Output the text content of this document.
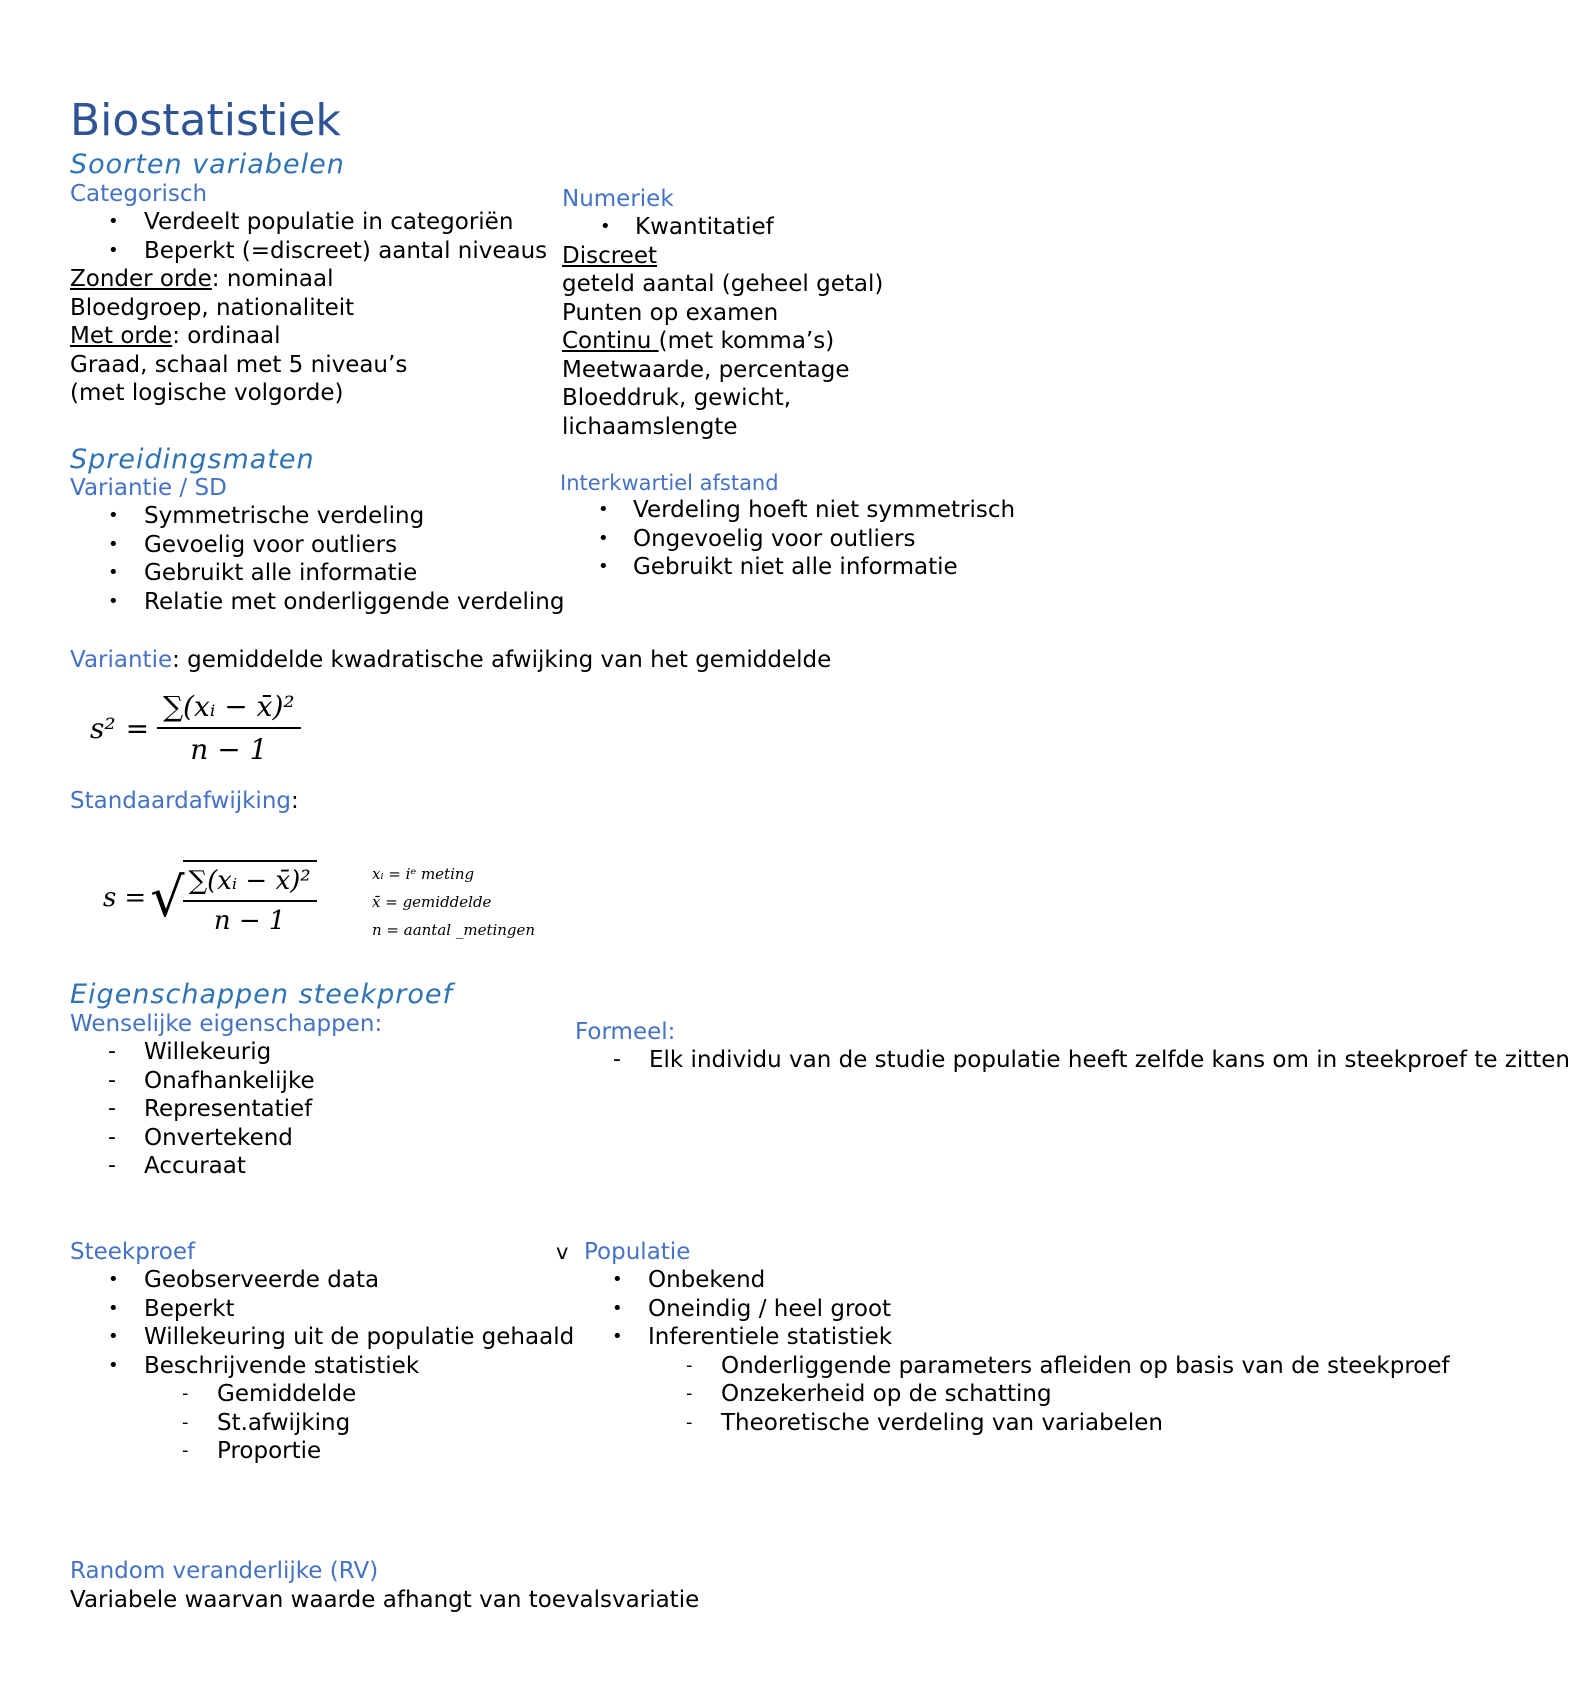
Biostatistiek
Soorten variabelen
Categorisch
• Verdeelt populatie in categoriën
• Beperkt (=discreet) aantal niveaus
Zonder orde: nominaal
Bloedgroep, nationaliteit
Met orde: ordinaal
Graad, schaal met 5 niveau’s
(met logische volgorde)
Numeriek
• Kwantitatief
Discreet
geteld aantal (geheel getal)
Punten op examen
Continu (met komma’s)
Meetwaarde, percentage
Bloeddruk, gewicht,
lichaamslengte
Spreidingsmaten
Variantie / SD
• Symmetrische verdeling
• Gevoelig voor outliers
• Gebruikt alle informatie
• Relatie met onderliggende verdeling
Interkwartiel afstand
• Verdeling hoeft niet symmetrisch
• Ongevoelig voor outliers
• Gebruikt niet alle informatie
Variantie: gemiddelde kwadratische afwijking van het gemiddelde
$s^2 = \frac{\text{∑(xᵢ − x̄)²}}{n - 1}$
Standaardafwijking:
s = √
$\frac{\text{∑(xᵢ − x̄)²}}{n - 1}$	xᵢ = iᵉ meting
x̄ = gemiddelde
n = aantal _metingen
Eigenschappen steekproef
Wenselijke eigenschappen:
- Willekeurig
- Onafhankelijke
- Representatief
- Onvertekend
- Accuraat
Formeel:
- Elk individu van de studie populatie heeft zelfde kans om in steekproef te zitten
Steekproef
• Geobserveerde data
• Beperkt
• Willekeuring uit de populatie gehaald
• Beschrijvende statistiek
- Gemiddelde
- St.afwijking
- Proportie
v Populatie
• Onbekend
• Oneindig / heel groot
• Inferentiele statistiek
- Onderliggende parameters afleiden op basis van de steekproef
- Onzekerheid op de schatting
- Theoretische verdeling van variabelen
Random veranderlijke (RV)
Variabele waarvan waarde afhangt van toevalsvariatie
